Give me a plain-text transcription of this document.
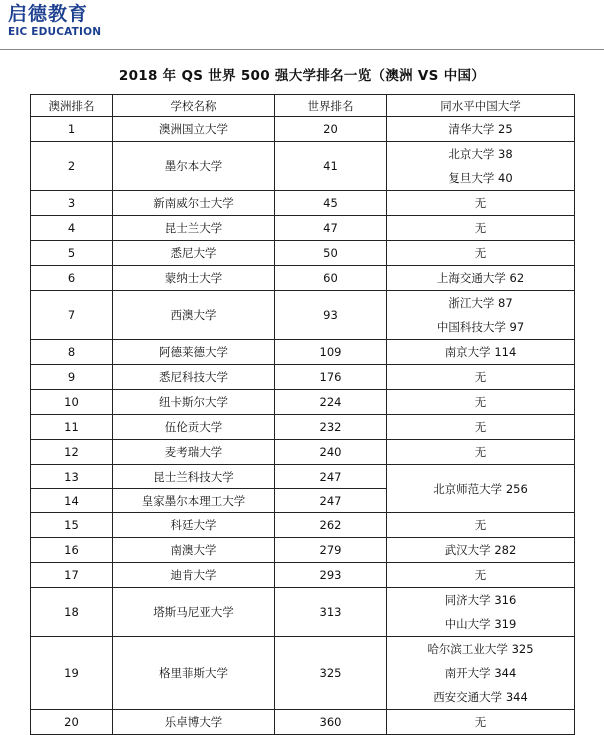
启德教育
EIC EDUCATION
2018 年 QS 世界 500 强大学排名一览（澳洲 VS 中国）
澳洲排名	学校名称	世界排名	同水平中国大学
1	澳洲国立大学	20	清华大学 25

2	墨尔本大学	41	北京大学 38
复旦大学 40

3	新南威尔士大学	45	无

4	昆士兰大学	47	无

5	悉尼大学	50	无

6	蒙纳士大学	60	上海交通大学 62

7	西澳大学	93	浙江大学 87
中国科技大学 97

8	阿德莱德大学	109	南京大学 114

9	悉尼科技大学	176	无

10	纽卡斯尔大学	224	无

11	伍伦贡大学	232	无

12	麦考瑞大学	240	无

13	昆士兰科技大学	247	北京师范大学 256

14	皇家墨尔本理工大学	247	
15	科廷大学	262	无

16	南澳大学	279	武汉大学 282

17	迪肯大学	293	无

18	塔斯马尼亚大学	313	同济大学 316
中山大学 319

19	格里菲斯大学	325	哈尔滨工业大学 325
南开大学 344
西安交通大学 344

20	乐卓博大学	360	无
